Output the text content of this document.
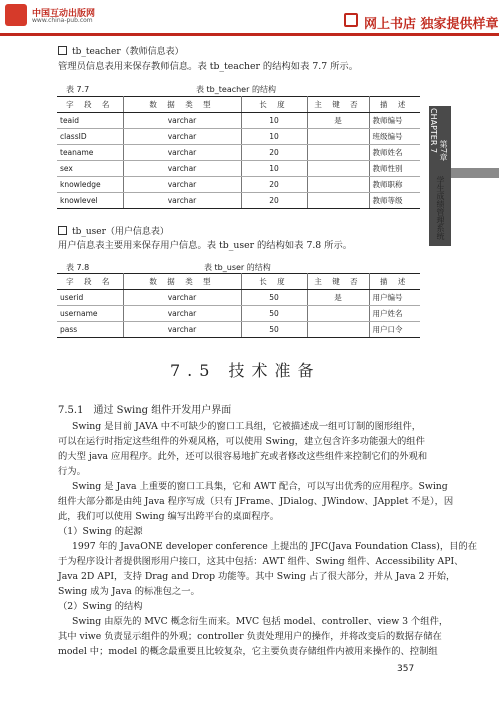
中国互动出版网
www.china-pub.com	网上书店 独家提供样章
CHAPTER 7 第7章
学生成绩管理系统
tb_teacher（教师信息表）
管理员信息表用来保存教师信息。表 tb_teacher 的结构如表 7.7 所示。
表 7.7	表 tb_teacher 的结构
字 段 名	数 据 类 型	长 度	主 键 否	描 述
teaid	varchar	10	是	教师编号
classID	varchar	10		班级编号
teaname	varchar	20		教师姓名
sex	varchar	10		教师性别
knowledge	varchar	20		教师职称
knowlevel	varchar	20		教师等级
tb_user（用户信息表）
用户信息表主要用来保存用户信息。表 tb_user 的结构如表 7.8 所示。
表 7.8	表 tb_user 的结构
字 段 名	数 据 类 型	长 度	主 键 否	描 述
userid	varchar	50	是	用户编号
username	varchar	50		用户姓名
pass	varchar	50		用户口令
7.5 技术准备
7.5.1　通过 Swing 组件开发用户界面
Swing 是目前 JAVA 中不可缺少的窗口工具组，它被描述成一组可订制的图形组件，
可以在运行时指定这些组件的外观风格，可以使用 Swing，建立包含许多功能强大的组件
的大型 java 应用程序。此外，还可以很容易地扩充或者修改这些组件来控制它们的外观和
行为。
Swing 是 Java 上重要的窗口工具集，它和 AWT 配合，可以写出优秀的应用程序。Swing
组件大部分都是由纯 Java 程序写成（只有 JFrame、JDialog、JWindow、JApplet 不是），因
此，我们可以使用 Swing 编写出跨平台的桌面程序。
（1）Swing 的起源
1997 年的 JavaONE developer conference 上提出的 JFC(Java Foundation Class)，目的在
于为程序设计者提供图形用户接口，这其中包括：AWT 组件、Swing 组件、Accessibility API、
Java 2D API，支持 Drag and Drop 功能等。其中 Swing 占了很大部分，并从 Java 2 开始，
Swing 成为 Java 的标准包之一。
（2）Swing 的结构
Swing 由原先的 MVC 概念衍生而来。MVC 包括 model、controller、view 3 个组件，
其中 viwe 负责显示组件的外观；controller 负责处理用户的操作，并将改变后的数据存储在
model 中；model 的概念最重要且比较复杂，它主要负责存储组件内被用来操作的、控制组
357
